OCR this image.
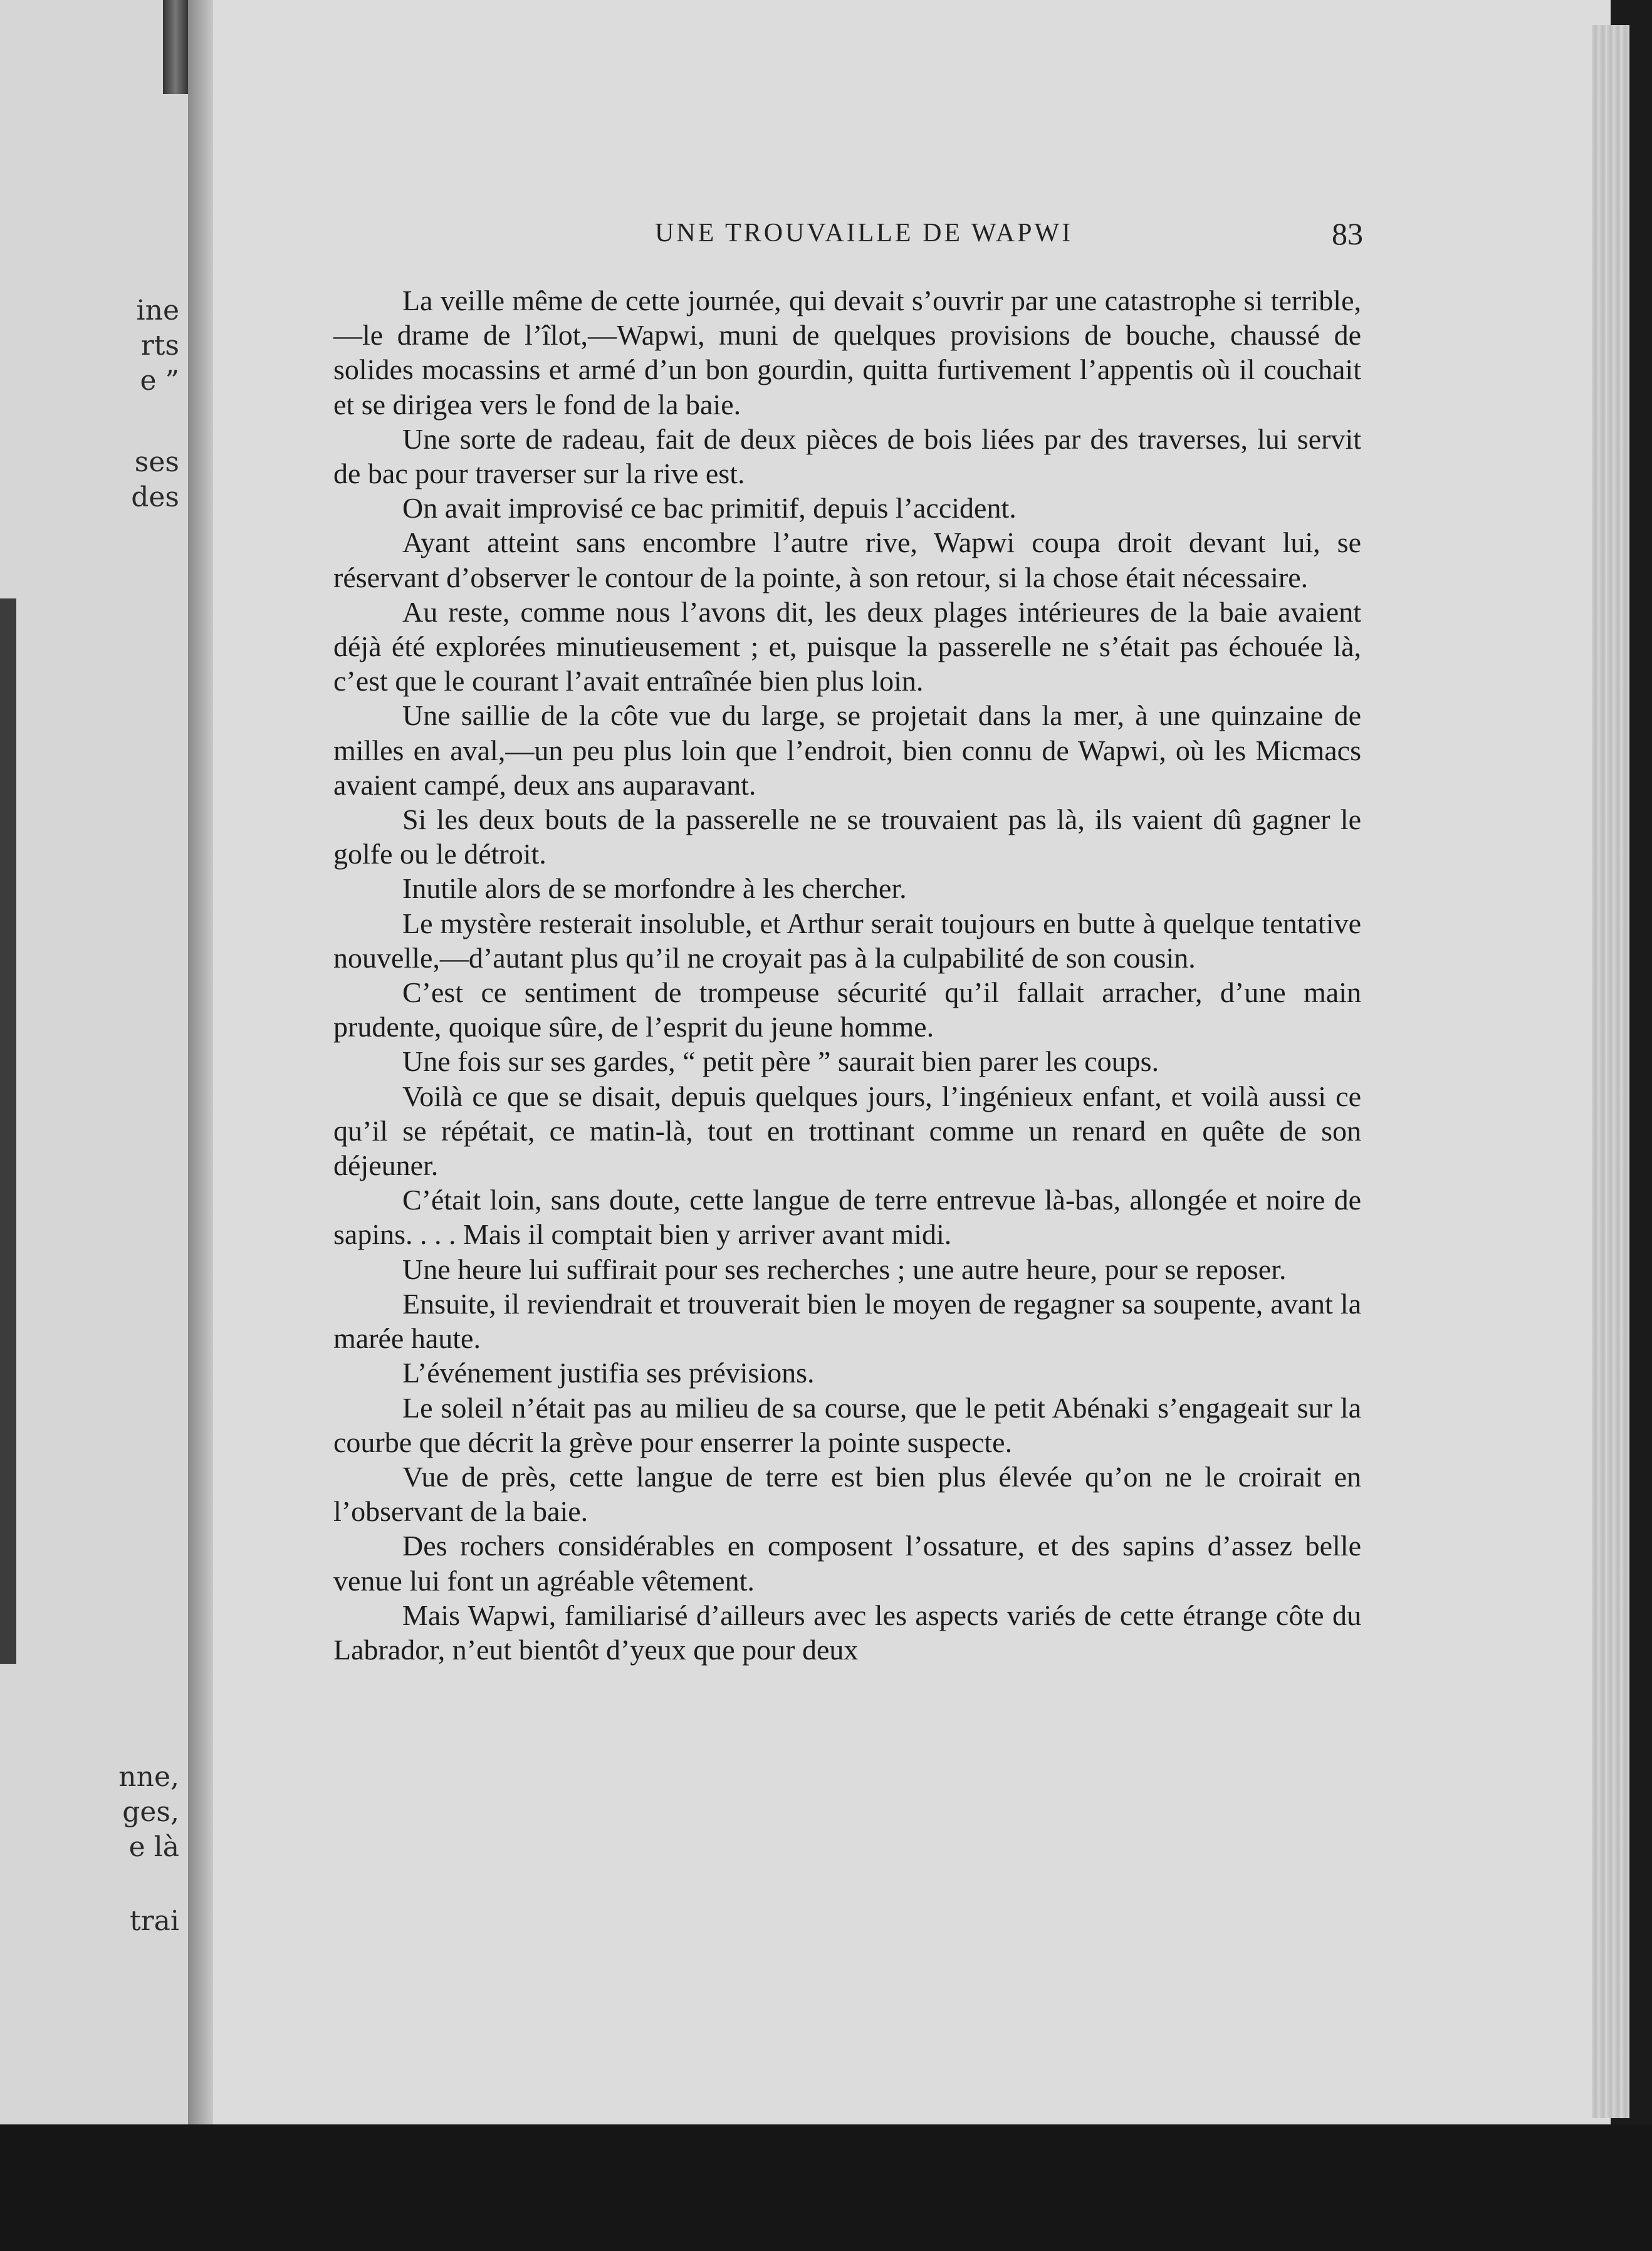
ine
rts
e ”
ses
des
nne,
ges,
e là
trai
UNE TROUVAILLE DE WAPWI	83

La veille même de cette journée, qui devait s’ouvrir par une catastrophe si terrible,—le drame de l’îlot,—Wapwi, muni de quelques provisions de bouche, chaussé de solides mocassins et armé d’un bon gourdin, quitta furtivement l’appentis où il couchait et se dirigea vers le fond de la baie.

Une sorte de radeau, fait de deux pièces de bois liées par des traverses, lui servit de bac pour traverser sur la rive est.

On avait improvisé ce bac primitif, depuis l’accident.

Ayant atteint sans encombre l’autre rive, Wapwi coupa droit devant lui, se réservant d’observer le contour de la pointe, à son retour, si la chose était nécessaire.

Au reste, comme nous l’avons dit, les deux plages intérieures de la baie avaient déjà été explorées minutieusement ; et, puisque la passerelle ne s’était pas échouée là, c’est que le courant l’avait entraînée bien plus loin.

Une saillie de la côte vue du large, se projetait dans la mer, à une quinzaine de milles en aval,—un peu plus loin que l’endroit, bien connu de Wapwi, où les Micmacs avaient campé, deux ans auparavant.

Si les deux bouts de la passerelle ne se trouvaient pas là, ils vaient dû gagner le golfe ou le détroit.

Inutile alors de se morfondre à les chercher.

Le mystère resterait insoluble, et Arthur serait toujours en butte à quelque tentative nouvelle,—d’autant plus qu’il ne croyait pas à la culpabilité de son cousin.

C’est ce sentiment de trompeuse sécurité qu’il fallait arracher, d’une main prudente, quoique sûre, de l’esprit du jeune homme.

Une fois sur ses gardes, “ petit père ” saurait bien parer les coups.

Voilà ce que se disait, depuis quelques jours, l’ingénieux enfant, et voilà aussi ce qu’il se répétait, ce matin-là, tout en trottinant comme un renard en quête de son déjeuner.

C’était loin, sans doute, cette langue de terre entrevue là-bas, allongée et noire de sapins. . . . Mais il comptait bien y arriver avant midi.

Une heure lui suffirait pour ses recherches ; une autre heure, pour se reposer.

Ensuite, il reviendrait et trouverait bien le moyen de regagner sa soupente, avant la marée haute.

L’événement justifia ses prévisions.

Le soleil n’était pas au milieu de sa course, que le petit Abénaki s’engageait sur la courbe que décrit la grève pour enserrer la pointe suspecte.

Vue de près, cette langue de terre est bien plus élevée qu’on ne le croirait en l’observant de la baie.

Des rochers considérables en composent l’ossature, et des sapins d’assez belle venue lui font un agréable vêtement.

Mais Wapwi, familiarisé d’ailleurs avec les aspects variés de cette étrange côte du Labrador, n’eut bientôt d’yeux que pour deux
